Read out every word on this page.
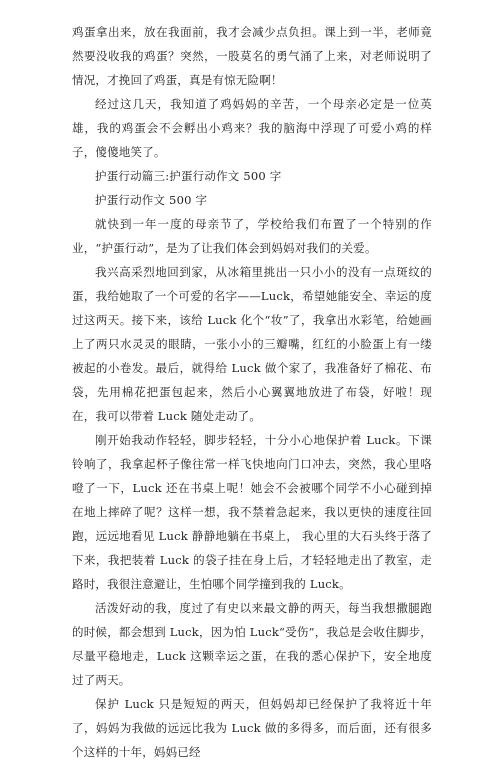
鸡蛋拿出来，放在我面前，我才会减少点负担。课上到一半，老师竟然要没收我的鸡蛋？突然，一股莫名的勇气涌了上来，对老师说明了情况，才挽回了鸡蛋，真是有惊无险啊！

经过这几天，我知道了鸡妈妈的辛苦，一个母亲必定是一位英雄，我的鸡蛋会不会孵出小鸡来？我的脑海中浮现了可爱小鸡的样子，傻傻地笑了。

护蛋行动篇三:护蛋行动作文 500 字

护蛋行动作文 500 字

就快到一年一度的母亲节了，学校给我们布置了一个特别的作业，“护蛋行动”，是为了让我们体会到妈妈对我们的关爱。

我兴高采烈地回到家，从冰箱里挑出一只小小的没有一点斑纹的蛋，我给她取了一个可爱的名字——Luck，希望她能安全、幸运的度过这两天。接下来，该给 Luck 化个“妆”了，我拿出水彩笔，给她画上了两只水灵灵的眼睛，一张小小的三瓣嘴，红红的小脸蛋上有一缕被起的小卷发。最后，就得给 Luck 做个家了，我准备好了棉花、布袋，先用棉花把蛋包起来，然后小心翼翼地放进了布袋，好啦！现在，我可以带着 Luck 随处走动了。

刚开始我动作轻轻，脚步轻轻，十分小心地保护着 Luck。下课铃响了，我拿起杯子像往常一样飞快地向门口冲去，突然，我心里咯噔了一下，Luck 还在书桌上呢！她会不会被哪个同学不小心碰到掉在地上摔碎了呢？这样一想，我不禁着急起来，我以更快的速度往回跑，远远地看见 Luck 静静地躺在书桌上， 我心里的大石头终于落了下来，我把装着 Luck 的袋子挂在身上后，才轻轻地走出了教室，走路时，我很注意避让，生怕哪个同学撞到我的 Luck。

活泼好动的我，度过了有史以来最文静的两天，每当我想撒腿跑的时候，都会想到 Luck，因为怕 Luck“受伤”，我总是会收住脚步，尽量平稳地走，Luck 这颗幸运之蛋，在我的悉心保护下，安全地度过了两天。

保护 Luck 只是短短的两天，但妈妈却已经保护了我将近十年了，妈妈为我做的远远比我为 Luck 做的多得多，而后面，还有很多个这样的十年，妈妈已经
